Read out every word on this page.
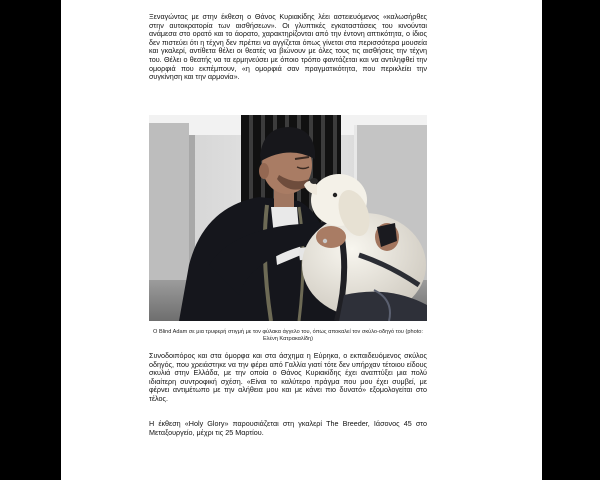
Ξεναγώντας με στην έκθεση ο Θάνος Κυριακίδης λέει αστειευόμενος «καλωσήρθες στην αυτοκρατορία των αισθήσεων». Οι γλυπτικές εγκαταστάσεις του κινούνται ανάμεσα στο ορατό και το άορατο, χαρακτηρίζονται από την έντονη απτικότητα, ο ίδιος δεν πιστεύει ότι η τέχνη δεν πρέπει να αγγίζεται όπως γίνεται στα περισσότερα μουσεία και γκαλερί, αντίθετα θέλει οι θεατές να βιώνουν με όλες τους τις αισθήσεις την τέχνη του. Θέλει ο θεατής να τα ερμηνεύσει με όποιο τρόπο φαντάζεται και να αντιληφθεί την ομορφιά που εκπέμπουν, «η ομορφιά σαν πραγματικότητα, που περικλείει την συγκίνηση και την αρμονία».

Ο Blind Adam σε μια τρυφερή στιγμή με τον φύλακα άγγελο του, όπως αποκαλεί τον σκύλο-οδηγό του (photo: Ελένη Κατρακαλίδη)

Συνοδοιπόρος και στα όμορφα και στα άσχημα η Εύρηκα, ο εκπαιδευόμενος σκύλος οδηγός, που χρειάστηκε να την φέρει από Γαλλία γιατί τότε δεν υπήρχαν τέτοιου είδους σκυλιά στην Ελλάδα, με την οποία ο Θάνος Κυριακίδης έχει αναπτύξει μια πολύ ιδιαίτερη συντροφική σχέση. «Είναι το καλύτερο πράγμα που μου έχει συμβεί, με φέρνει αντιμέτωπο με την αλήθεια μου και με κάνει πιο δυνατό» εξομολογείται στο τέλος.

Η έκθεση «Holy Glory» παρουσιάζεται στη γκαλερί The Breeder, Ιάσονος 45 στο Μεταξουργείο, μέχρι τις 25 Μαρτίου.
